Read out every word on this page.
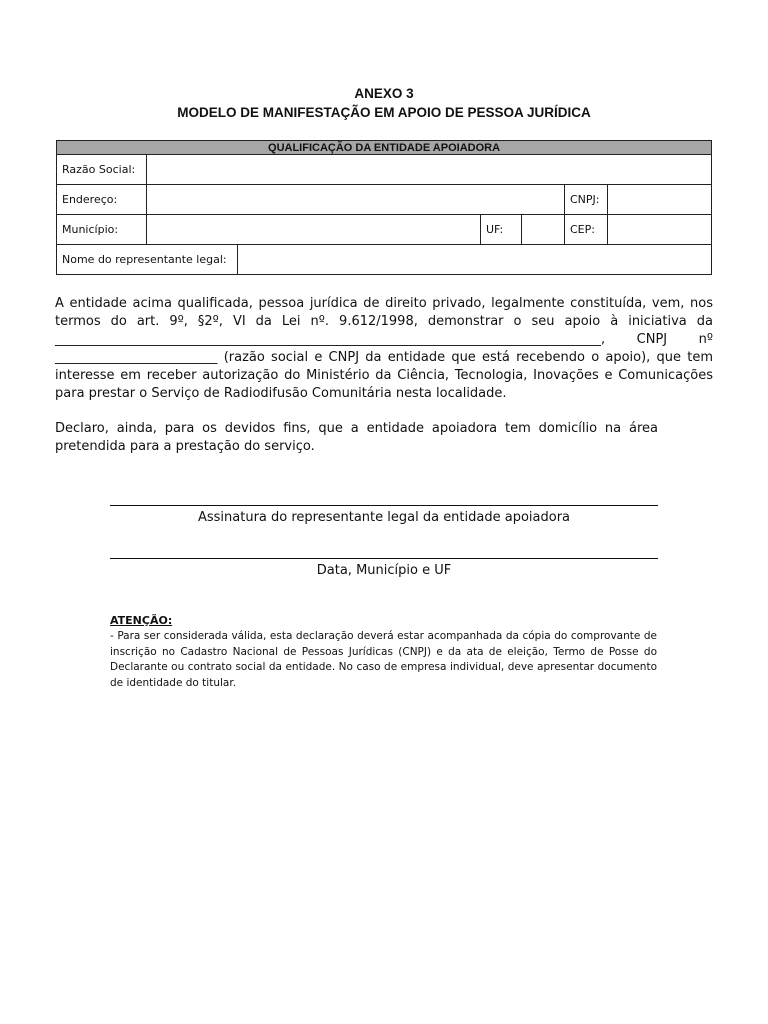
ANEXO 3
MODELO DE MANIFESTAÇÃO EM APOIO DE PESSOA JURÍDICA
QUALIFICAÇÃO DA ENTIDADE APOIADORA						
Razão Social:						
Endereço:					CNPJ:	
Município:			UF:		CEP:	
Nome do representante legal:						
A entidade acima qualificada, pessoa jurídica de direito privado, legalmente constituída, vem, nos termos do art. 9º, §2º, VI da Lei nº. 9.612/1998, demonstrar o seu apoio à iniciativa da ____________________________________________________________________________________, CNPJ nº _________________________ (razão social e CNPJ da entidade que está recebendo o apoio), que tem interesse em receber autorização do Ministério da Ciência, Tecnologia, Inovações e Comunicações para prestar o Serviço de Radiodifusão Comunitária nesta localidade.
Declaro, ainda, para os devidos fins, que a entidade apoiadora tem domicílio na área pretendida para a prestação do serviço.
Assinatura do representante legal da entidade apoiadora
Data, Município e UF
ATENÇÃO:
- Para ser considerada válida, esta declaração deverá estar acompanhada da cópia do comprovante de inscrição no Cadastro Nacional de Pessoas Jurídicas (CNPJ) e da ata de eleição, Termo de Posse do Declarante ou contrato social da entidade. No caso de empresa individual, deve apresentar documento de identidade do titular.
